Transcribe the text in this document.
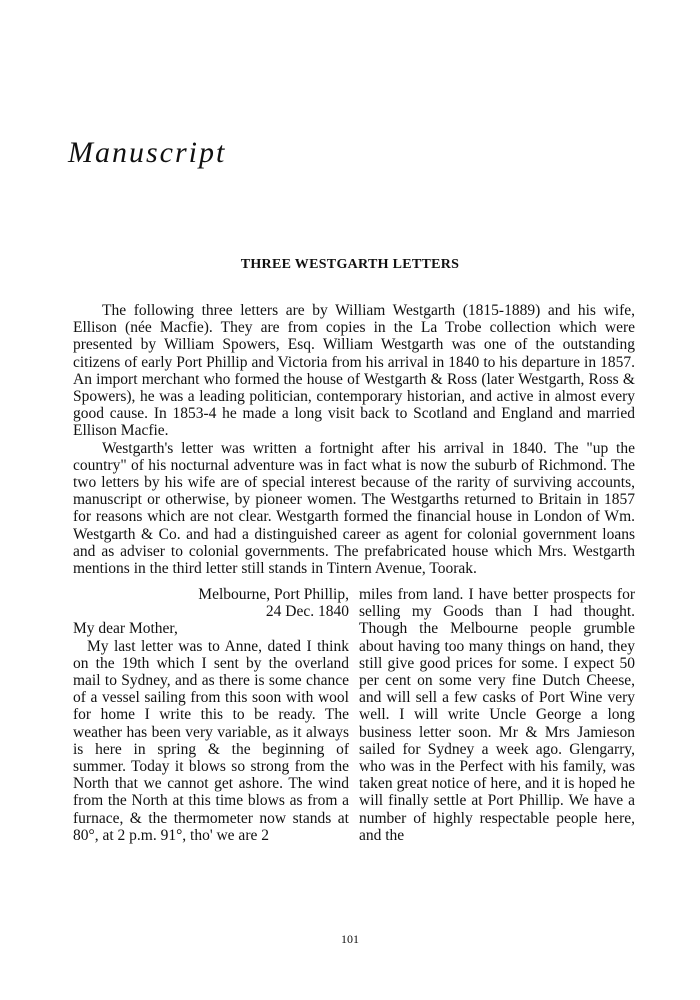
Manuscript
THREE WESTGARTH LETTERS

The following three letters are by William Westgarth (1815-1889) and his wife, Ellison (née Macfie). They are from copies in the La Trobe collection which were presented by William Spowers, Esq. William Westgarth was one of the outstanding citizens of early Port Phillip and Victoria from his arrival in 1840 to his departure in 1857. An import merchant who formed the house of Westgarth & Ross (later Westgarth, Ross & Spowers), he was a leading politician, contemporary historian, and active in almost every good cause. In 1853-4 he made a long visit back to Scotland and England and married Ellison Macfie.

Westgarth's letter was written a fortnight after his arrival in 1840. The "up the country" of his nocturnal adventure was in fact what is now the suburb of Richmond. The two letters by his wife are of special interest because of the rarity of surviving accounts, manuscript or otherwise, by pioneer women. The Westgarths returned to Britain in 1857 for reasons which are not clear. Westgarth formed the financial house in London of Wm. Westgarth & Co. and had a distinguished career as agent for colonial government loans and as adviser to colonial governments. The prefabricated house which Mrs. Westgarth mentions in the third letter still stands in Tintern Avenue, Toorak.

Melbourne, Port Phillip,
24 Dec. 1840

My dear Mother,

My last letter was to Anne, dated I think on the 19th which I sent by the overland mail to Sydney, and as there is some chance of a vessel sailing from this soon with wool for home I write this to be ready. The weather has been very variable, as it always is here in spring & the beginning of summer. Today it blows so strong from the North that we cannot get ashore. The wind from the North at this time blows as from a furnace, & the thermometer now stands at 80°, at 2 p.m. 91°, tho' we are 2

miles from land. I have better prospects for selling my Goods than I had thought. Though the Melbourne people grumble about having too many things on hand, they still give good prices for some. I expect 50 per cent on some very fine Dutch Cheese, and will sell a few casks of Port Wine very well. I will write Uncle George a long business letter soon. Mr & Mrs Jamieson sailed for Sydney a week ago. Glengarry, who was in the Perfect with his family, was taken great notice of here, and it is hoped he will finally settle at Port Phillip. We have a number of highly respectable people here, and the

101
